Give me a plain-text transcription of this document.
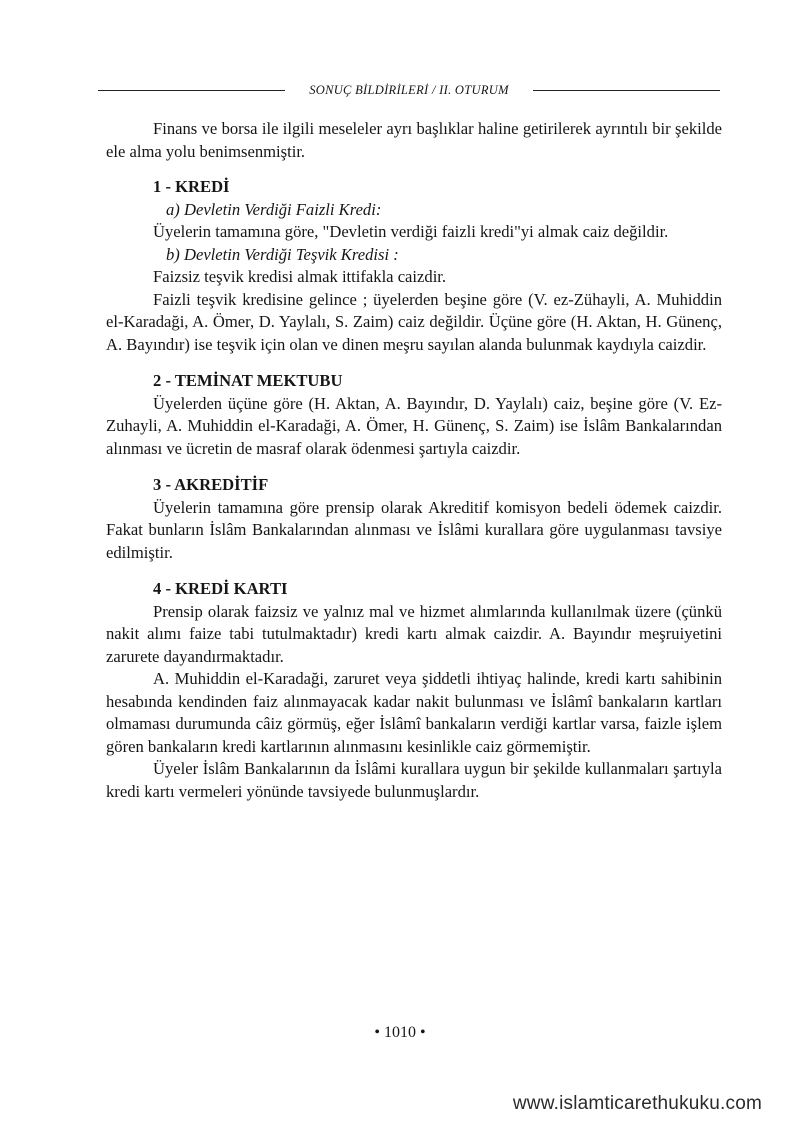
SONUÇ BİLDİRİLERİ / II. OTURUM

Finans ve borsa ile ilgili meseleler ayrı başlıklar haline getirilerek ayrıntılı bir şekilde ele alma yolu benimsenmiştir.

1 - KREDİ

a) Devletin Verdiği Faizli Kredi:

Üyelerin tamamına göre, "Devletin verdiği faizli kredi"yi almak caiz değildir.

b) Devletin Verdiği Teşvik Kredisi :

Faizsiz teşvik kredisi almak ittifakla caizdir.

Faizli teşvik kredisine gelince ; üyelerden beşine göre (V. ez-Zühayli, A. Muhiddin el-Karadaği, A. Ömer, D. Yaylalı, S. Zaim) caiz değildir. Üçüne göre (H. Aktan, H. Günenç, A. Bayındır) ise teşvik için olan ve dinen meşru sayılan alanda bulunmak kaydıyla caizdir.

2 - TEMİNAT MEKTUBU

Üyelerden üçüne göre (H. Aktan, A. Bayındır, D. Yaylalı) caiz, beşine göre (V. Ez-Zuhayli, A. Muhiddin el-Karadaği, A. Ömer, H. Günenç, S. Zaim) ise İslâm Bankalarından alınması ve ücretin de masraf olarak ödenmesi şartıyla caizdir.

3 - AKREDİTİF

Üyelerin tamamına göre prensip olarak Akreditif komisyon bedeli ödemek caizdir. Fakat bunların İslâm Bankalarından alınması ve İslâmi kurallara göre uygulanması tavsiye edilmiştir.

4 - KREDİ KARTI

Prensip olarak faizsiz ve yalnız mal ve hizmet alımlarında kullanılmak üzere (çünkü nakit alımı faize tabi tutulmaktadır) kredi kartı almak caizdir. A. Bayındır meşruiyetini zarurete dayandırmaktadır.

A. Muhiddin el-Karadaği, zaruret veya şiddetli ihtiyaç halinde, kredi kartı sahibinin hesabında kendinden faiz alınmayacak kadar nakit bulunması ve İslâmî bankaların kartları olmaması durumunda câiz görmüş, eğer İslâmî bankaların verdiği kartlar varsa, faizle işlem gören bankaların kredi kartlarının alınmasını kesinlikle caiz görmemiştir.

Üyeler İslâm Bankalarının da İslâmi kurallara uygun bir şekilde kullanmaları şartıyla kredi kartı vermeleri yönünde tavsiyede bulunmuşlardır.

• 1010 •
www.islamticarethukuku.com
